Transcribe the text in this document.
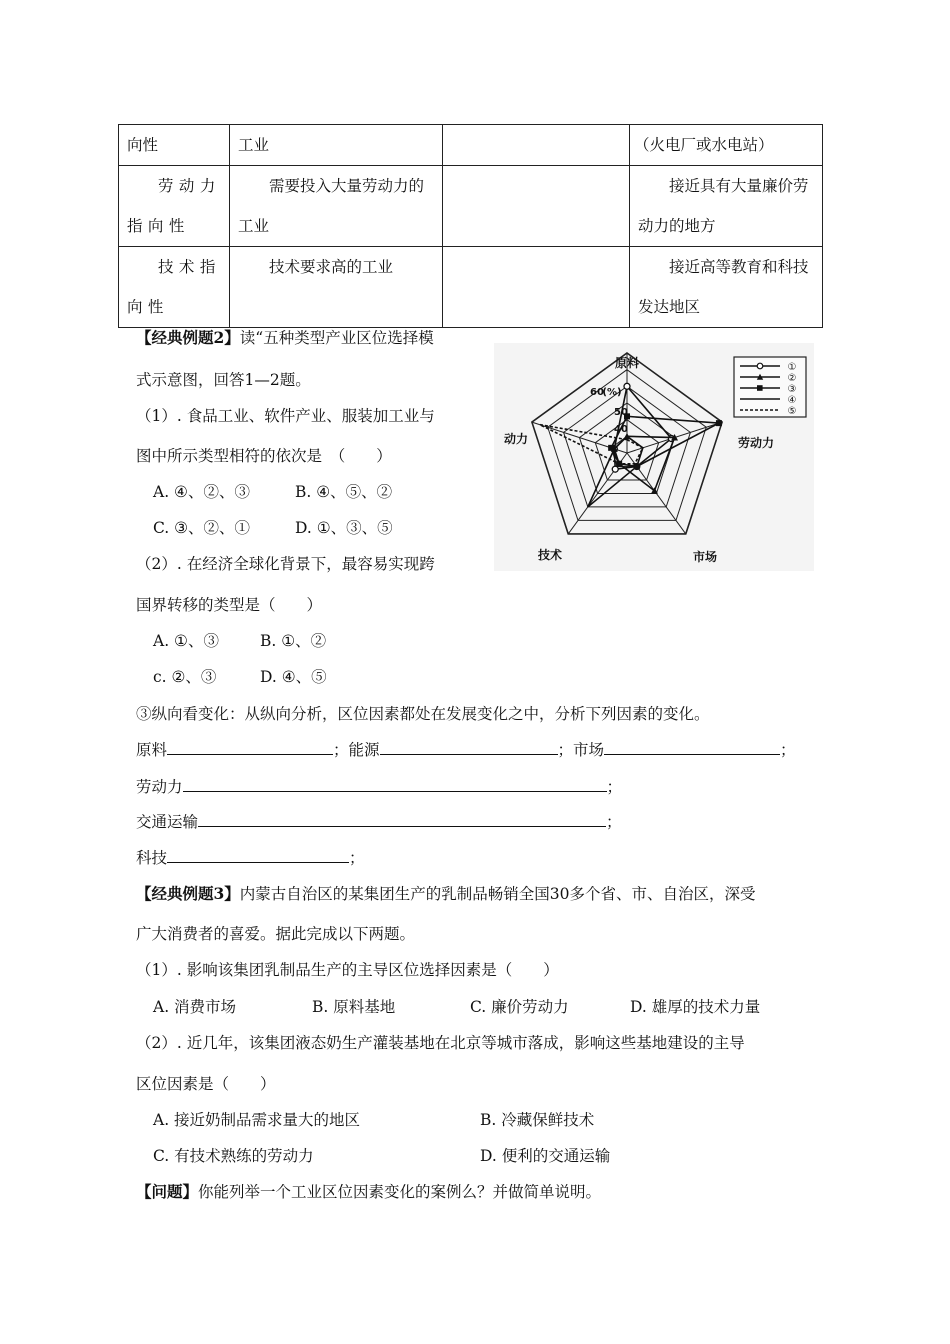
向性	工业		（火电厂或水电站）
劳动力指向性	需要投入大量劳动力的工业		接近具有大量廉价劳动力的地方
技术指向性	技术要求高的工业		接近高等教育和科技发达地区
【经典例题2】读“五种类型产业区位选择模
式示意图，回答1—2题。
（1）. 食品工业、软件产业、服装加工业与
图中所示类型相符的依次是　（　　）
A. ④、②、③	B. ④、⑤、②
C. ③、②、①	D. ①、③、⑤
（2）. 在经济全球化背景下，最容易实现跨
国界转移的类型是（　　）
A. ①、③	B. ①、②
c. ②、③	D. ④、⑤
原料
劳动力
市场
技术
动力
60
(%)
50
40
①
②
③
④
⑤
③纵向看变化：从纵向分析，区位因素都处在发展变化之中，分析下列因素的变化。
原料	；能源	；市场	；
劳动力	；
交通运输	；
科技	；
【经典例题3】内蒙古自治区的某集团生产的乳制品畅销全国30多个省、市、自治区，深受
广大消费者的喜爱。据此完成以下两题。
（1）. 影响该集团乳制品生产的主导区位选择因素是（　　）
A. 消费市场	B. 原料基地	C. 廉价劳动力	D. 雄厚的技术力量
（2）. 近几年，该集团液态奶生产灌装基地在北京等城市落成，影响这些基地建设的主导
区位因素是（　　）
A. 接近奶制品需求量大的地区	B. 冷藏保鲜技术
C. 有技术熟练的劳动力	D. 便利的交通运输
【问题】你能列举一个工业区位因素变化的案例么？并做简单说明。
